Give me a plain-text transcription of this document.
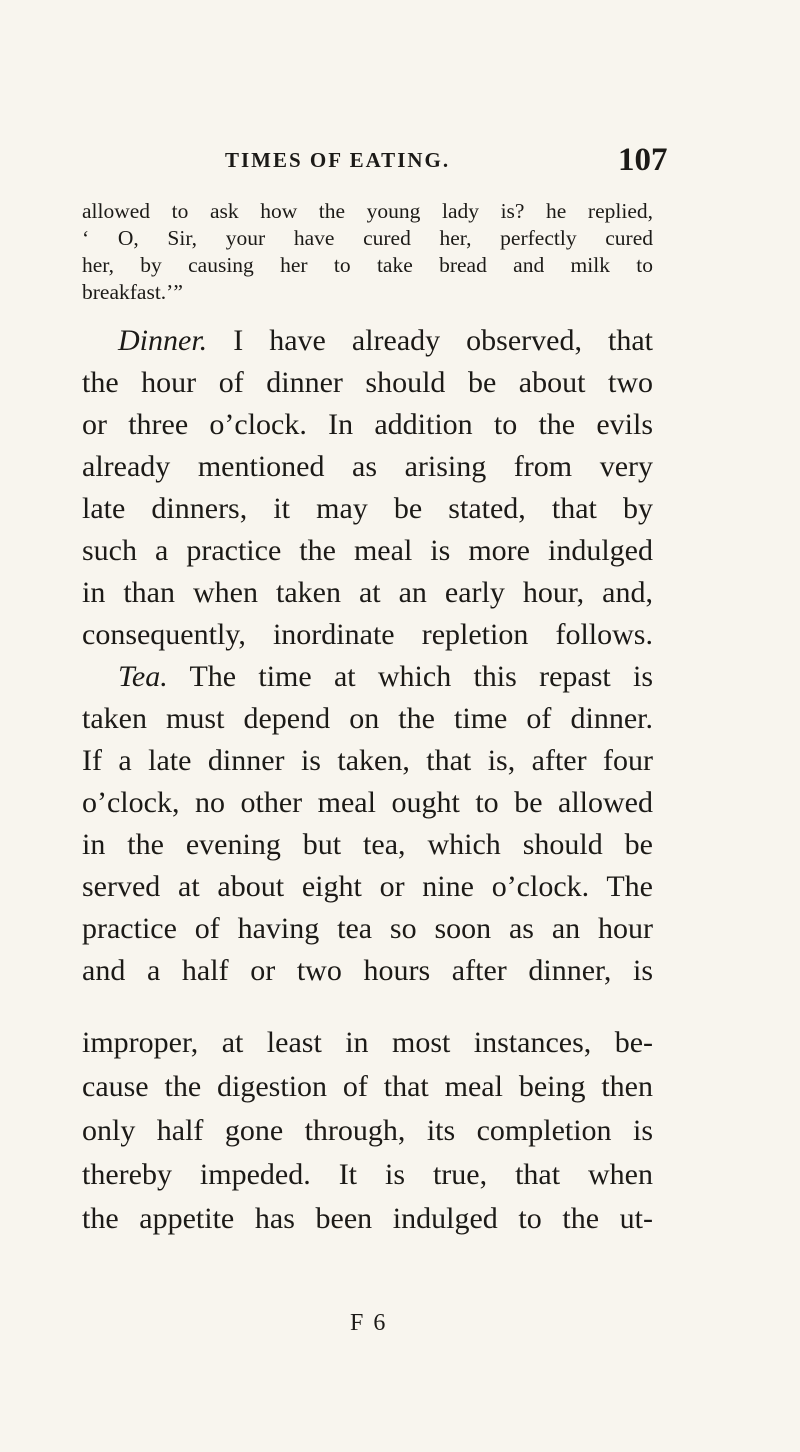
TIMES OF EATING.	107
allowed to ask how the young lady is? he replied,
‘ O, Sir, your have cured her, perfectly cured
her, by causing her to take bread and milk to
breakfast.’”
Dinner. I have already observed, that
the hour of dinner should be about two
or three o’clock. In addition to the evils
already mentioned as arising from very
late dinners, it may be stated, that by
such a practice the meal is more indulged
in than when taken at an early hour, and,
consequently, inordinate repletion follows.
Tea. The time at which this repast is
taken must depend on the time of dinner.
If a late dinner is taken, that is, after four
o’clock, no other meal ought to be allowed
in the evening but tea, which should be
served at about eight or nine o’clock. The
practice of having tea so soon as an hour
and a half or two hours after dinner, is
improper, at least in most instances, be-
cause the digestion of that meal being then
only half gone through, its completion is
thereby impeded. It is true, that when
the appetite has been indulged to the ut-
F 6
